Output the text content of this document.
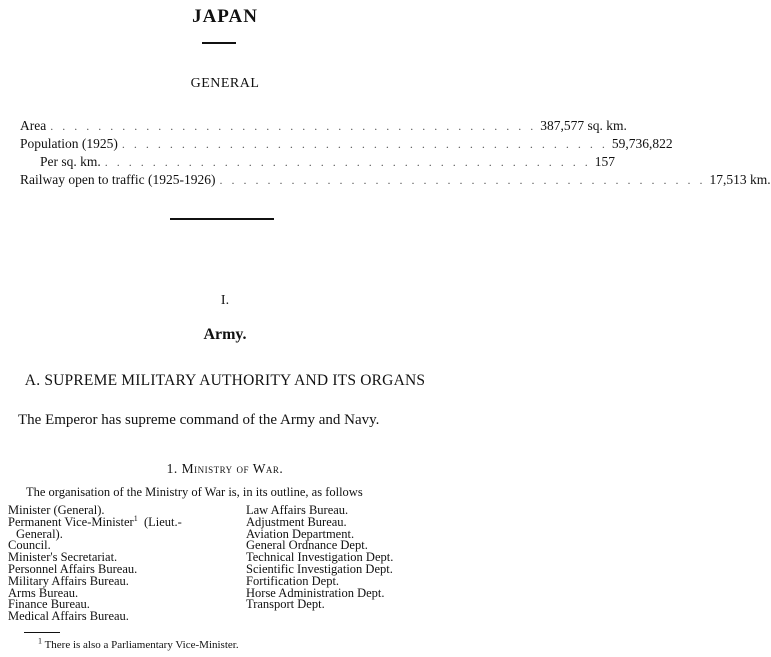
JAPAN
GENERAL
Area . . . . . . . . . . . . . . . . . . . . . . . . . . . . . . . . . . . . . . . . . 387,577 sq. km.
Population (1925) . . . . . . . . . . . . . . . . . . . . . . . . . . . . . . . . . . . . . . . . . 59,736,822
Per sq. km. . . . . . . . . . . . . . . . . . . . . . . . . . . . . . . . . . . . . . . . . . 157
Railway open to traffic (1925-1926) . . . . . . . . . . . . . . . . . . . . . . . . . . . . . . . . . . . . . . . . . 17,513 km.
I.
Army.
A. SUPREME MILITARY AUTHORITY AND ITS ORGANS
The Emperor has supreme command of the Army and Navy.
1. Ministry of War.
The organisation of the Ministry of War is, in its outline, as follows
Minister (General).
Permanent Vice-Minister$^1$ (Lieut.-
General).
Council.
Minister's Secretariat.
Personnel Affairs Bureau.
Military Affairs Bureau.
Arms Bureau.
Finance Bureau.
Medical Affairs Bureau.
Law Affairs Bureau.
Adjustment Bureau.
Aviation Department.
General Ordnance Dept.
Technical Investigation Dept.
Scientific Investigation Dept.
Fortification Dept.
Horse Administration Dept.
Transport Dept.
$^1$ There is also a Parliamentary Vice-Minister.
